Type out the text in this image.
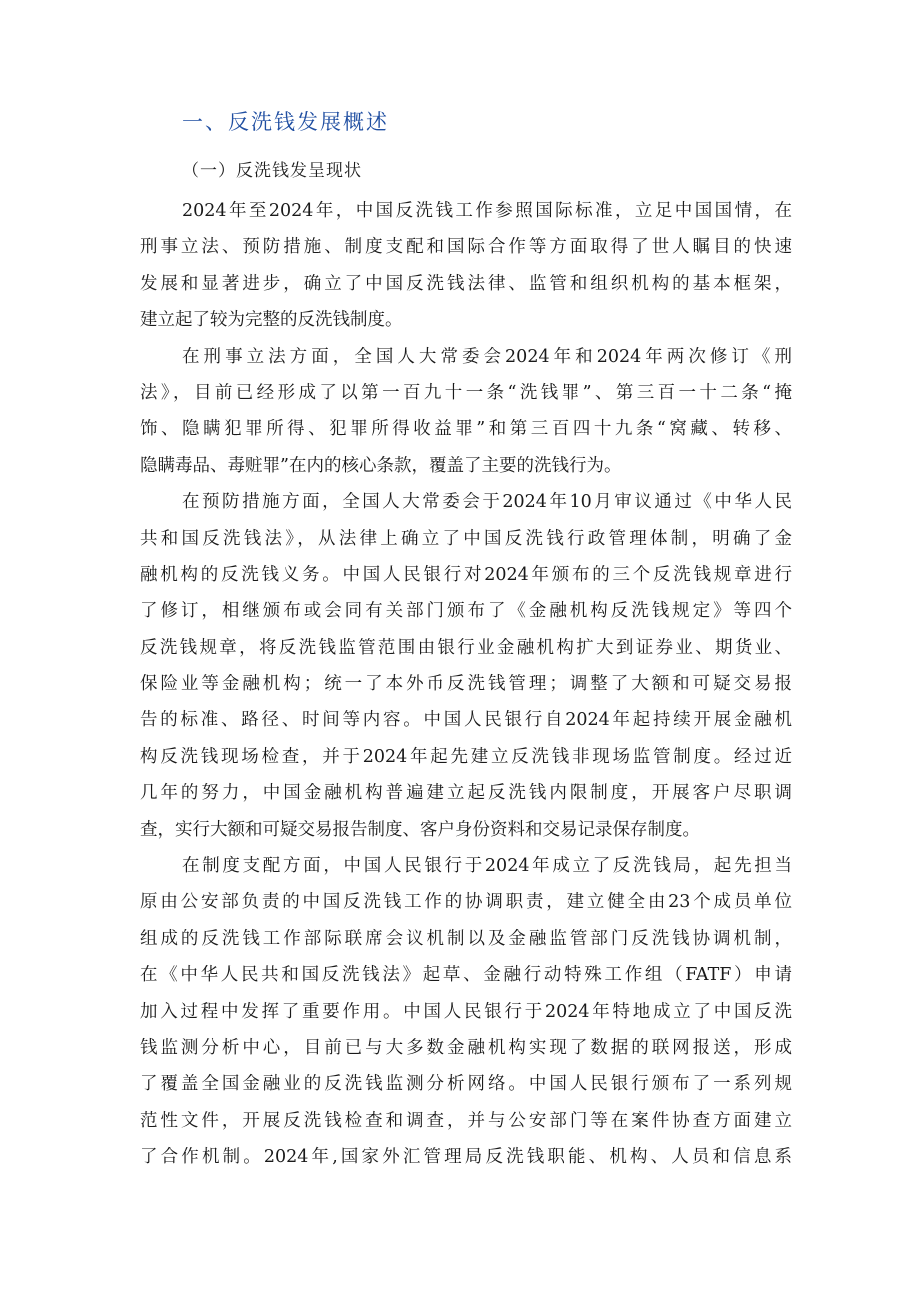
一、反洗钱发展概述
（一）反洗钱发呈现状
2024年至2024年，中国反洗钱工作参照国际标准，立足中国国情，在
刑事立法、预防措施、制度支配和国际合作等方面取得了世人瞩目的快速
发展和显著进步，确立了中国反洗钱法律、监管和组织机构的基本框架，
建立起了较为完整的反洗钱制度。
在刑事立法方面，全国人大常委会2024年和2024年两次修订《刑
法》，目前已经形成了以第一百九十一条“洗钱罪”、第三百一十二条“掩
饰、隐瞒犯罪所得、犯罪所得收益罪”和第三百四十九条“窝藏、转移、
隐瞒毒品、毒赃罪”在内的核心条款，覆盖了主要的洗钱行为。
在预防措施方面，全国人大常委会于2024年10月审议通过《中华人民
共和国反洗钱法》，从法律上确立了中国反洗钱行政管理体制，明确了金
融机构的反洗钱义务。中国人民银行对2024年颁布的三个反洗钱规章进行
了修订，相继颁布或会同有关部门颁布了《金融机构反洗钱规定》等四个
反洗钱规章，将反洗钱监管范围由银行业金融机构扩大到证券业、期货业、
保险业等金融机构；统一了本外币反洗钱管理；调整了大额和可疑交易报
告的标准、路径、时间等内容。中国人民银行自2024年起持续开展金融机
构反洗钱现场检查，并于2024年起先建立反洗钱非现场监管制度。经过近
几年的努力，中国金融机构普遍建立起反洗钱内限制度，开展客户尽职调
查，实行大额和可疑交易报告制度、客户身份资料和交易记录保存制度。
在制度支配方面，中国人民银行于2024年成立了反洗钱局，起先担当
原由公安部负责的中国反洗钱工作的协调职责，建立健全由23个成员单位
组成的反洗钱工作部际联席会议机制以及金融监管部门反洗钱协调机制，
在《中华人民共和国反洗钱法》起草、金融行动特殊工作组（FATF）申请
加入过程中发挥了重要作用。中国人民银行于2024年特地成立了中国反洗
钱监测分析中心，目前已与大多数金融机构实现了数据的联网报送，形成
了覆盖全国金融业的反洗钱监测分析网络。中国人民银行颁布了一系列规
范性文件，开展反洗钱检查和调查，并与公安部门等在案件协查方面建立
了合作机制。2024年,国家外汇管理局反洗钱职能、机构、人员和信息系
